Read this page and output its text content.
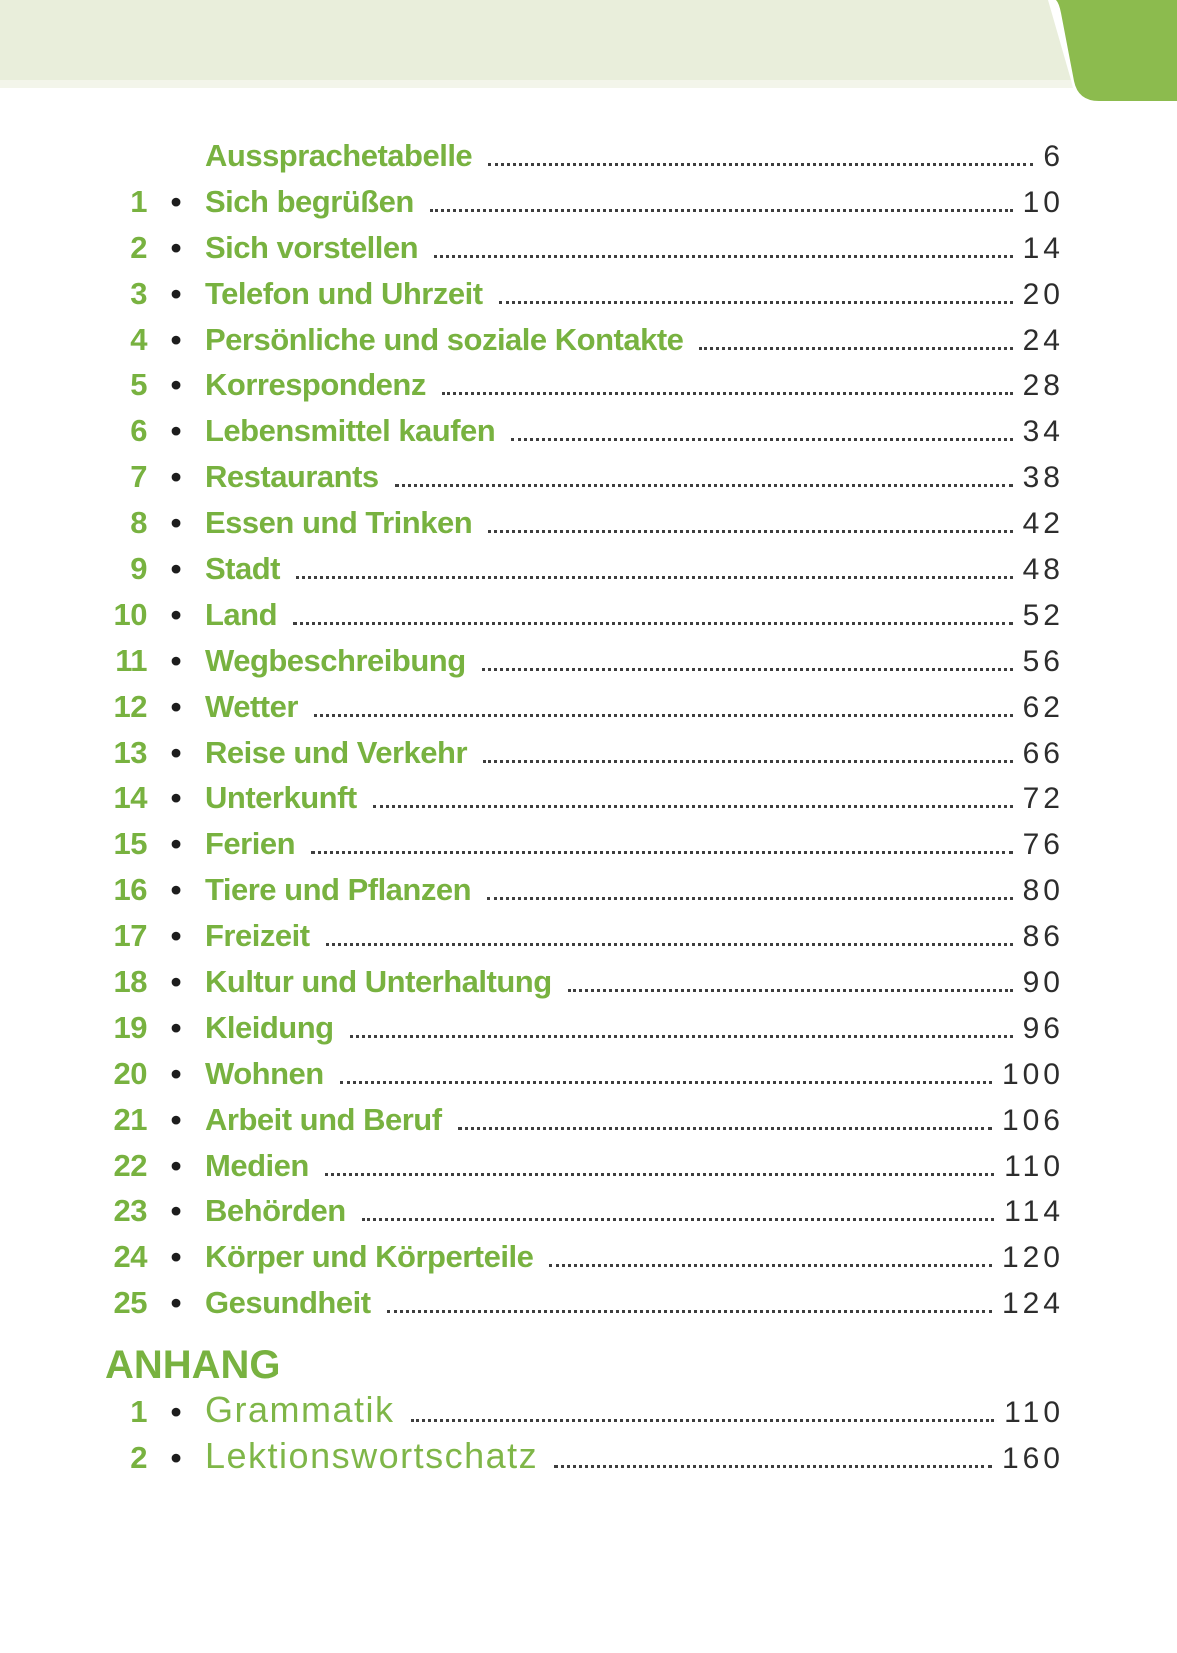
Aussprachetabelle	6
1 • Sich begrüßen	10
2 • Sich vorstellen	14
3 • Telefon und Uhrzeit	20
4 • Persönliche und soziale Kontakte	24
5 • Korrespondenz	28
6 • Lebensmittel kaufen	34
7 • Restaurants	38
8 • Essen und Trinken	42
9 • Stadt	48
10 • Land	52
11 • Wegbeschreibung	56
12 • Wetter	62
13 • Reise und Verkehr	66
14 • Unterkunft	72
15 • Ferien	76
16 • Tiere und Pflanzen	80
17 • Freizeit	86
18 • Kultur und Unterhaltung	90
19 • Kleidung	96
20 • Wohnen	100
21 • Arbeit und Beruf	106
22 • Medien	110
23 • Behörden	114
24 • Körper und Körperteile	120
25 • Gesundheit	124
ANHANG
1 • Grammatik	110
2 • Lektionswortschatz	160
